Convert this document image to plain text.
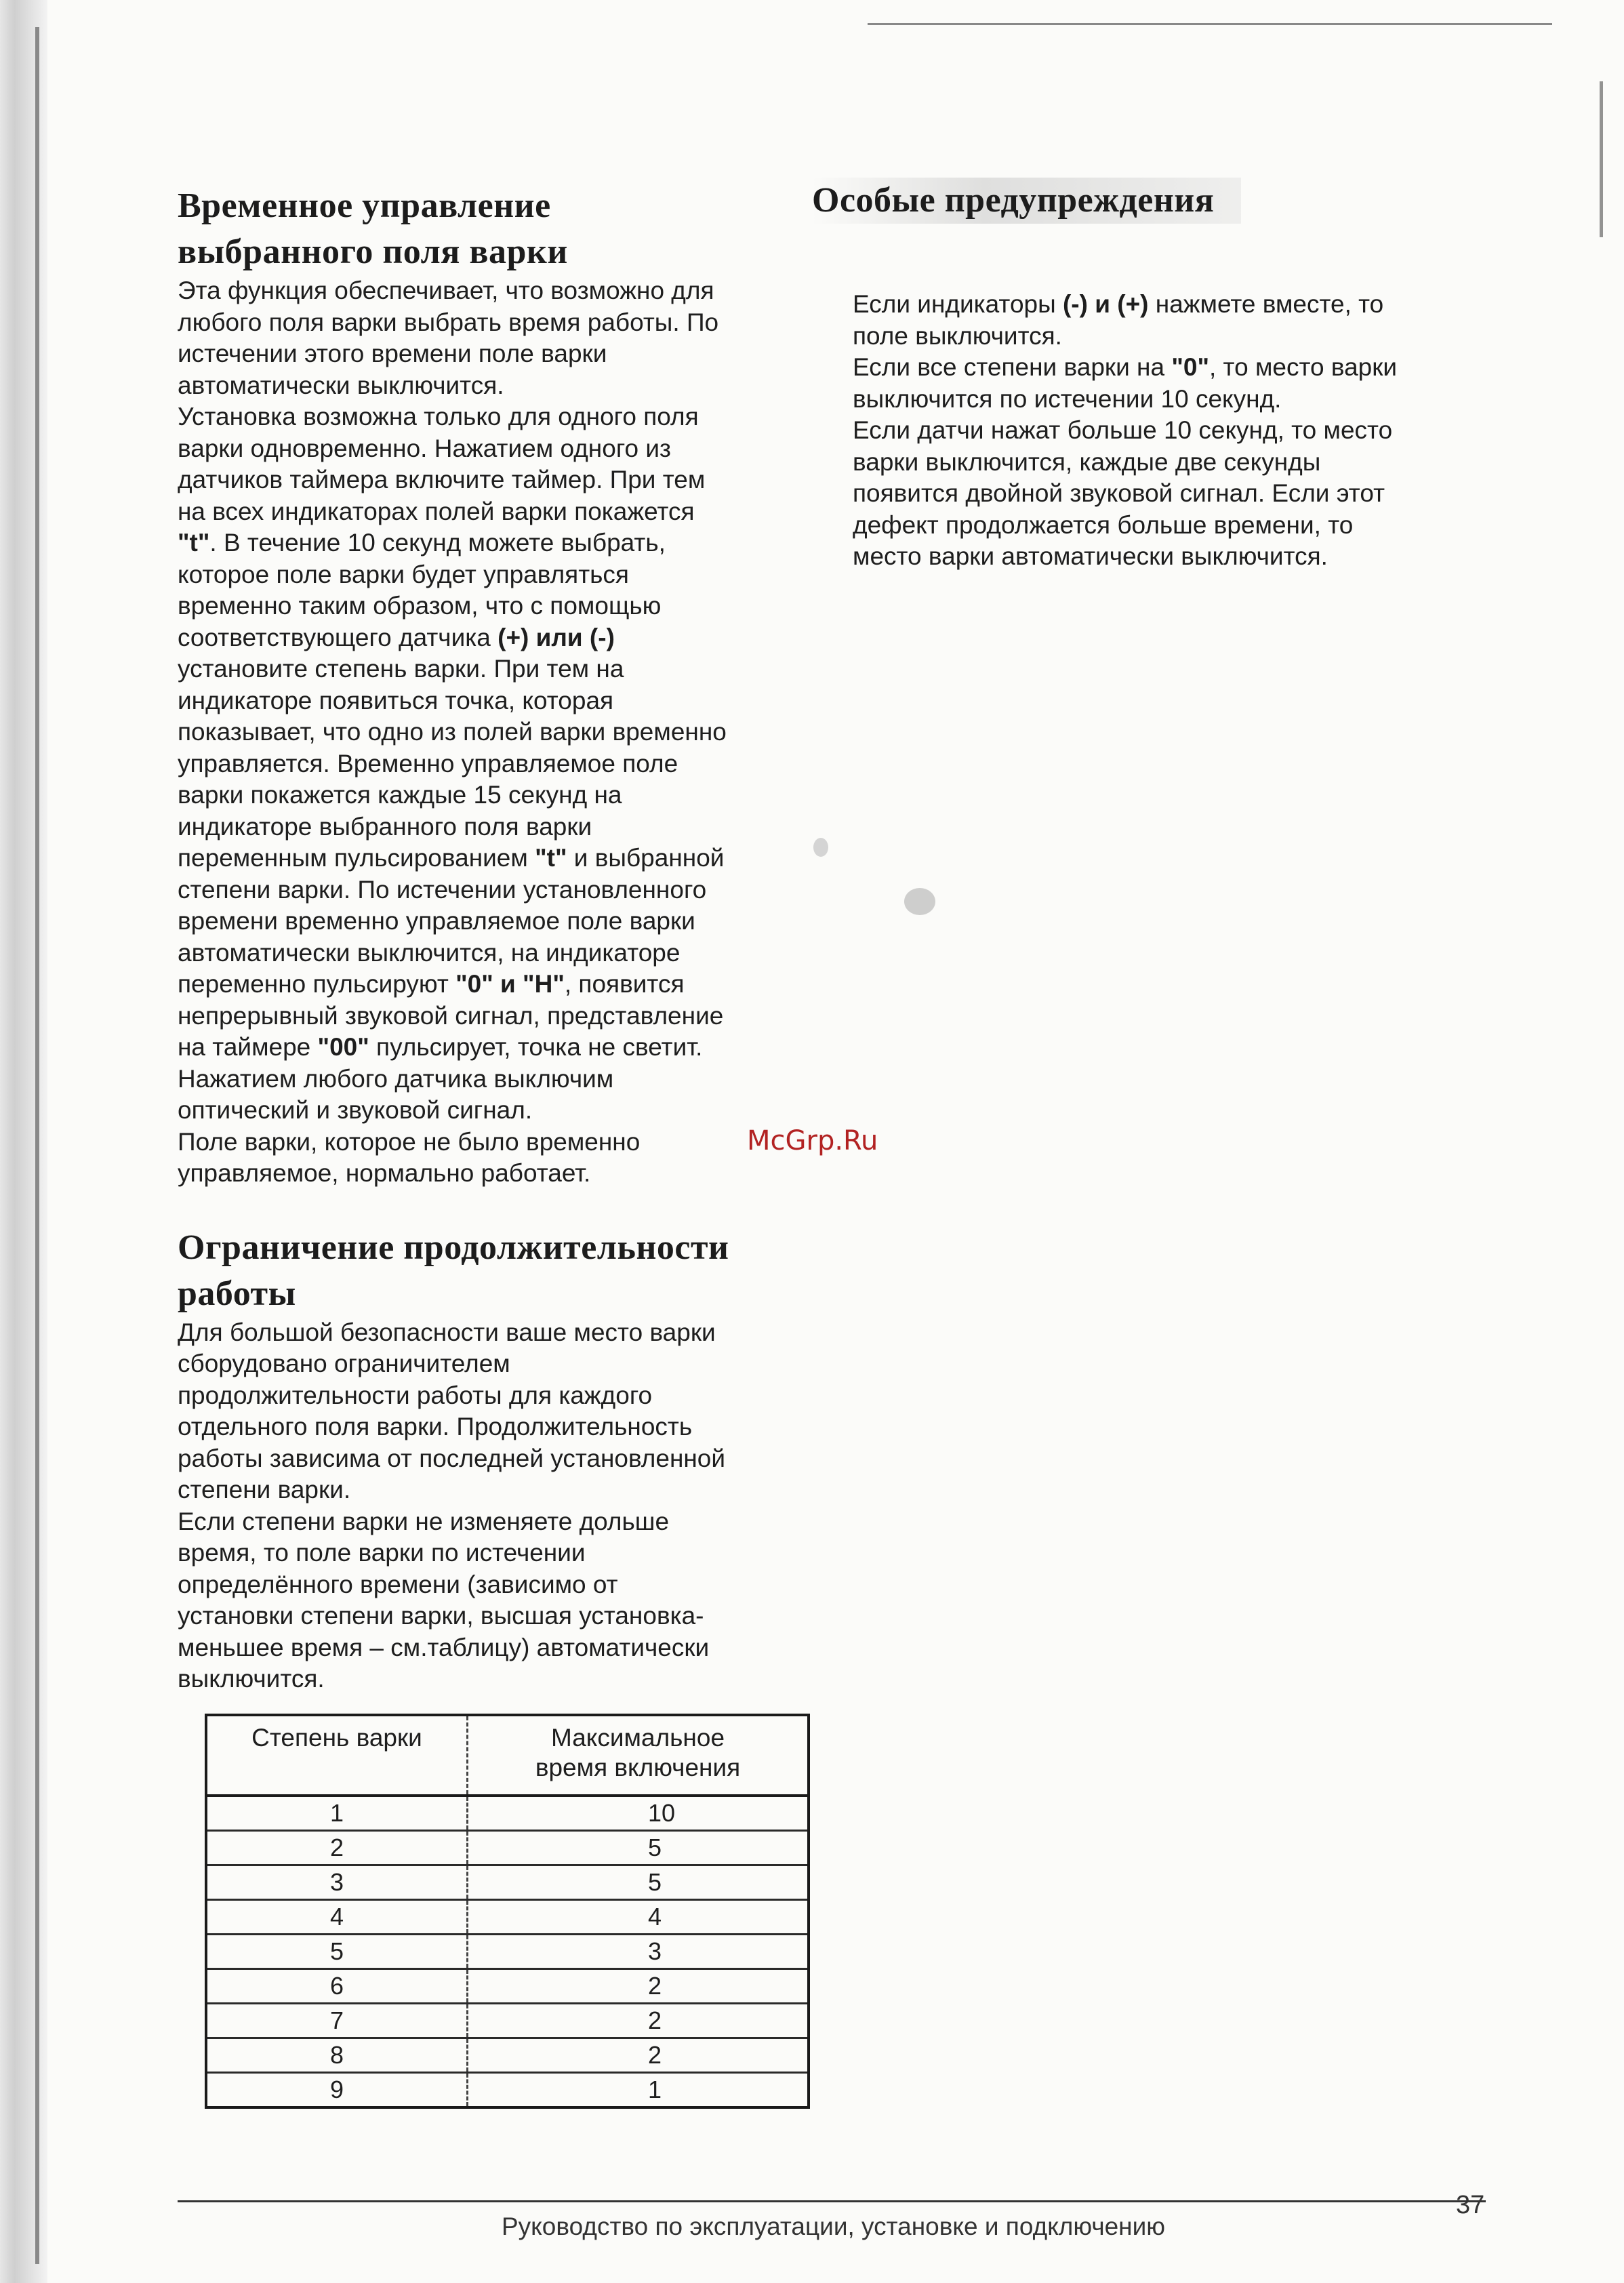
Временное управление
выбранного поля варки

Эта функция обеспечивает, что возможно для

любого поля варки выбрать время работы. По

истечении этого времени поле варки

автоматически выключится.

Установка возможна только для одного поля

варки одновременно. Нажатием одного из

датчиков таймера включите таймер. При тем

на всех индикаторах полей варки покажется

"t". В течение 10 секунд можете выбрать,

которое поле варки будет управляться

временно таким образом, что с помощью

соответствующего датчика (+) или (-)

установите степень варки. При тем на

индикаторе появиться точка, которая

показывает, что одно из полей варки временно

управляется. Временно управляемое поле

варки покажется каждые 15 секунд на

индикаторе выбранного поля варки

переменным пульсированием "t" и выбранной

степени варки. По истечении установленного

времени временно управляемое поле варки

автоматически выключится, на индикаторе

переменно пульсируют "0" и "H", появится

непрерывный звуковой сигнал, представление

на таймере "00" пульсирует, точка не светит.

Нажатием любого датчика выключим

оптический и звуковой сигнал.

Поле варки, которое не было временно

управляемое, нормально работает.

Ограничение продолжительности
работы

Для большой безопасности ваше место варки

сборудовано ограничителем

продолжительности работы для каждого

отдельного поля варки. Продолжительность

работы зависима от последней установленной

степени варки.

Если степени варки не изменяете дольше

время, то поле варки по истечении

определённого времени (зависимо от

установки степени варки, высшая установка-

меньшее время – см.таблицу) автоматически

выключится.

Особые предупреждения

Если индикаторы (-) и (+) нажмете вместе, то

поле выключится.

Если все степени варки на "0", то место варки

выключится по истечении 10 секунд.

Если датчи нажат больше 10 секунд, то место

варки выключится, каждые две секунды

появится двойной звуковой сигнал. Если этот

дефект продолжается больше времени, то

место варки автоматически выключится.

Степень варки	Максимальное
время включения
1	10
2	5
3	5
4	4
5	3
6	2
7	2
8	2
9	1
McGrp.Ru
Руководство по эксплуатации, установке и подключению
37
